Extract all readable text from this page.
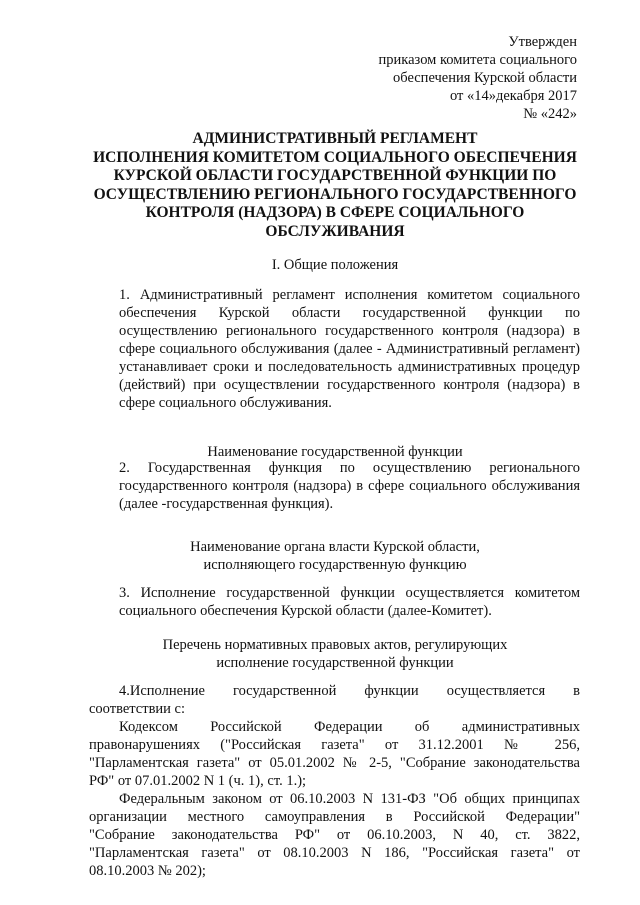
Утвержден
приказом комитета социального
обеспечения Курской области
от «14»декабря 2017
№ «242»
АДМИНИСТРАТИВНЫЙ РЕГЛАМЕНТ
ИСПОЛНЕНИЯ КОМИТЕТОМ СОЦИАЛЬНОГО ОБЕСПЕЧЕНИЯ
КУРСКОЙ ОБЛАСТИ ГОСУДАРСТВЕННОЙ ФУНКЦИИ ПО
ОСУЩЕСТВЛЕНИЮ РЕГИОНАЛЬНОГО ГОСУДАРСТВЕННОГО
КОНТРОЛЯ (НАДЗОРА) В СФЕРЕ СОЦИАЛЬНОГО
ОБСЛУЖИВАНИЯ
I. Общие положения
1. Административный регламент исполнения комитетом социального
обеспечения Курской области государственной функции по
осуществлению регионального государственного контроля (надзора) в
сфере социального обслуживания (далее - Административный регламент)
устанавливает сроки и последовательность административных процедур
(действий) при осуществлении государственного контроля (надзора) в
сфере социального обслуживания.
Наименование государственной функции
2. Государственная функция по осуществлению регионального
государственного контроля (надзора) в сфере социального обслуживания
(далее -государственная функция).
Наименование органа власти Курской области,
исполняющего государственную функцию
3. Исполнение государственной функции осуществляется комитетом
социального обеспечения Курской области (далее-Комитет).
Перечень нормативных правовых актов, регулирующих
исполнение государственной функции
4.Исполнение государственной функции осуществляется в
соответствии с:
Кодексом Российской Федерации об административных
правонарушениях ("Российская газета" от 31.12.2001 № 256,
"Парламентская газета" от 05.01.2002 № 2-5, "Собрание законодательства
РФ" от 07.01.2002 N 1 (ч. 1), ст. 1.);
Федеральным законом от 06.10.2003 N 131-ФЗ "Об общих принципах
организации местного самоуправления в Российской Федерации"
"Собрание законодательства РФ" от 06.10.2003, N 40, ст. 3822,
"Парламентская газета" от 08.10.2003 N 186, "Российская газета" от
08.10.2003 № 202);
